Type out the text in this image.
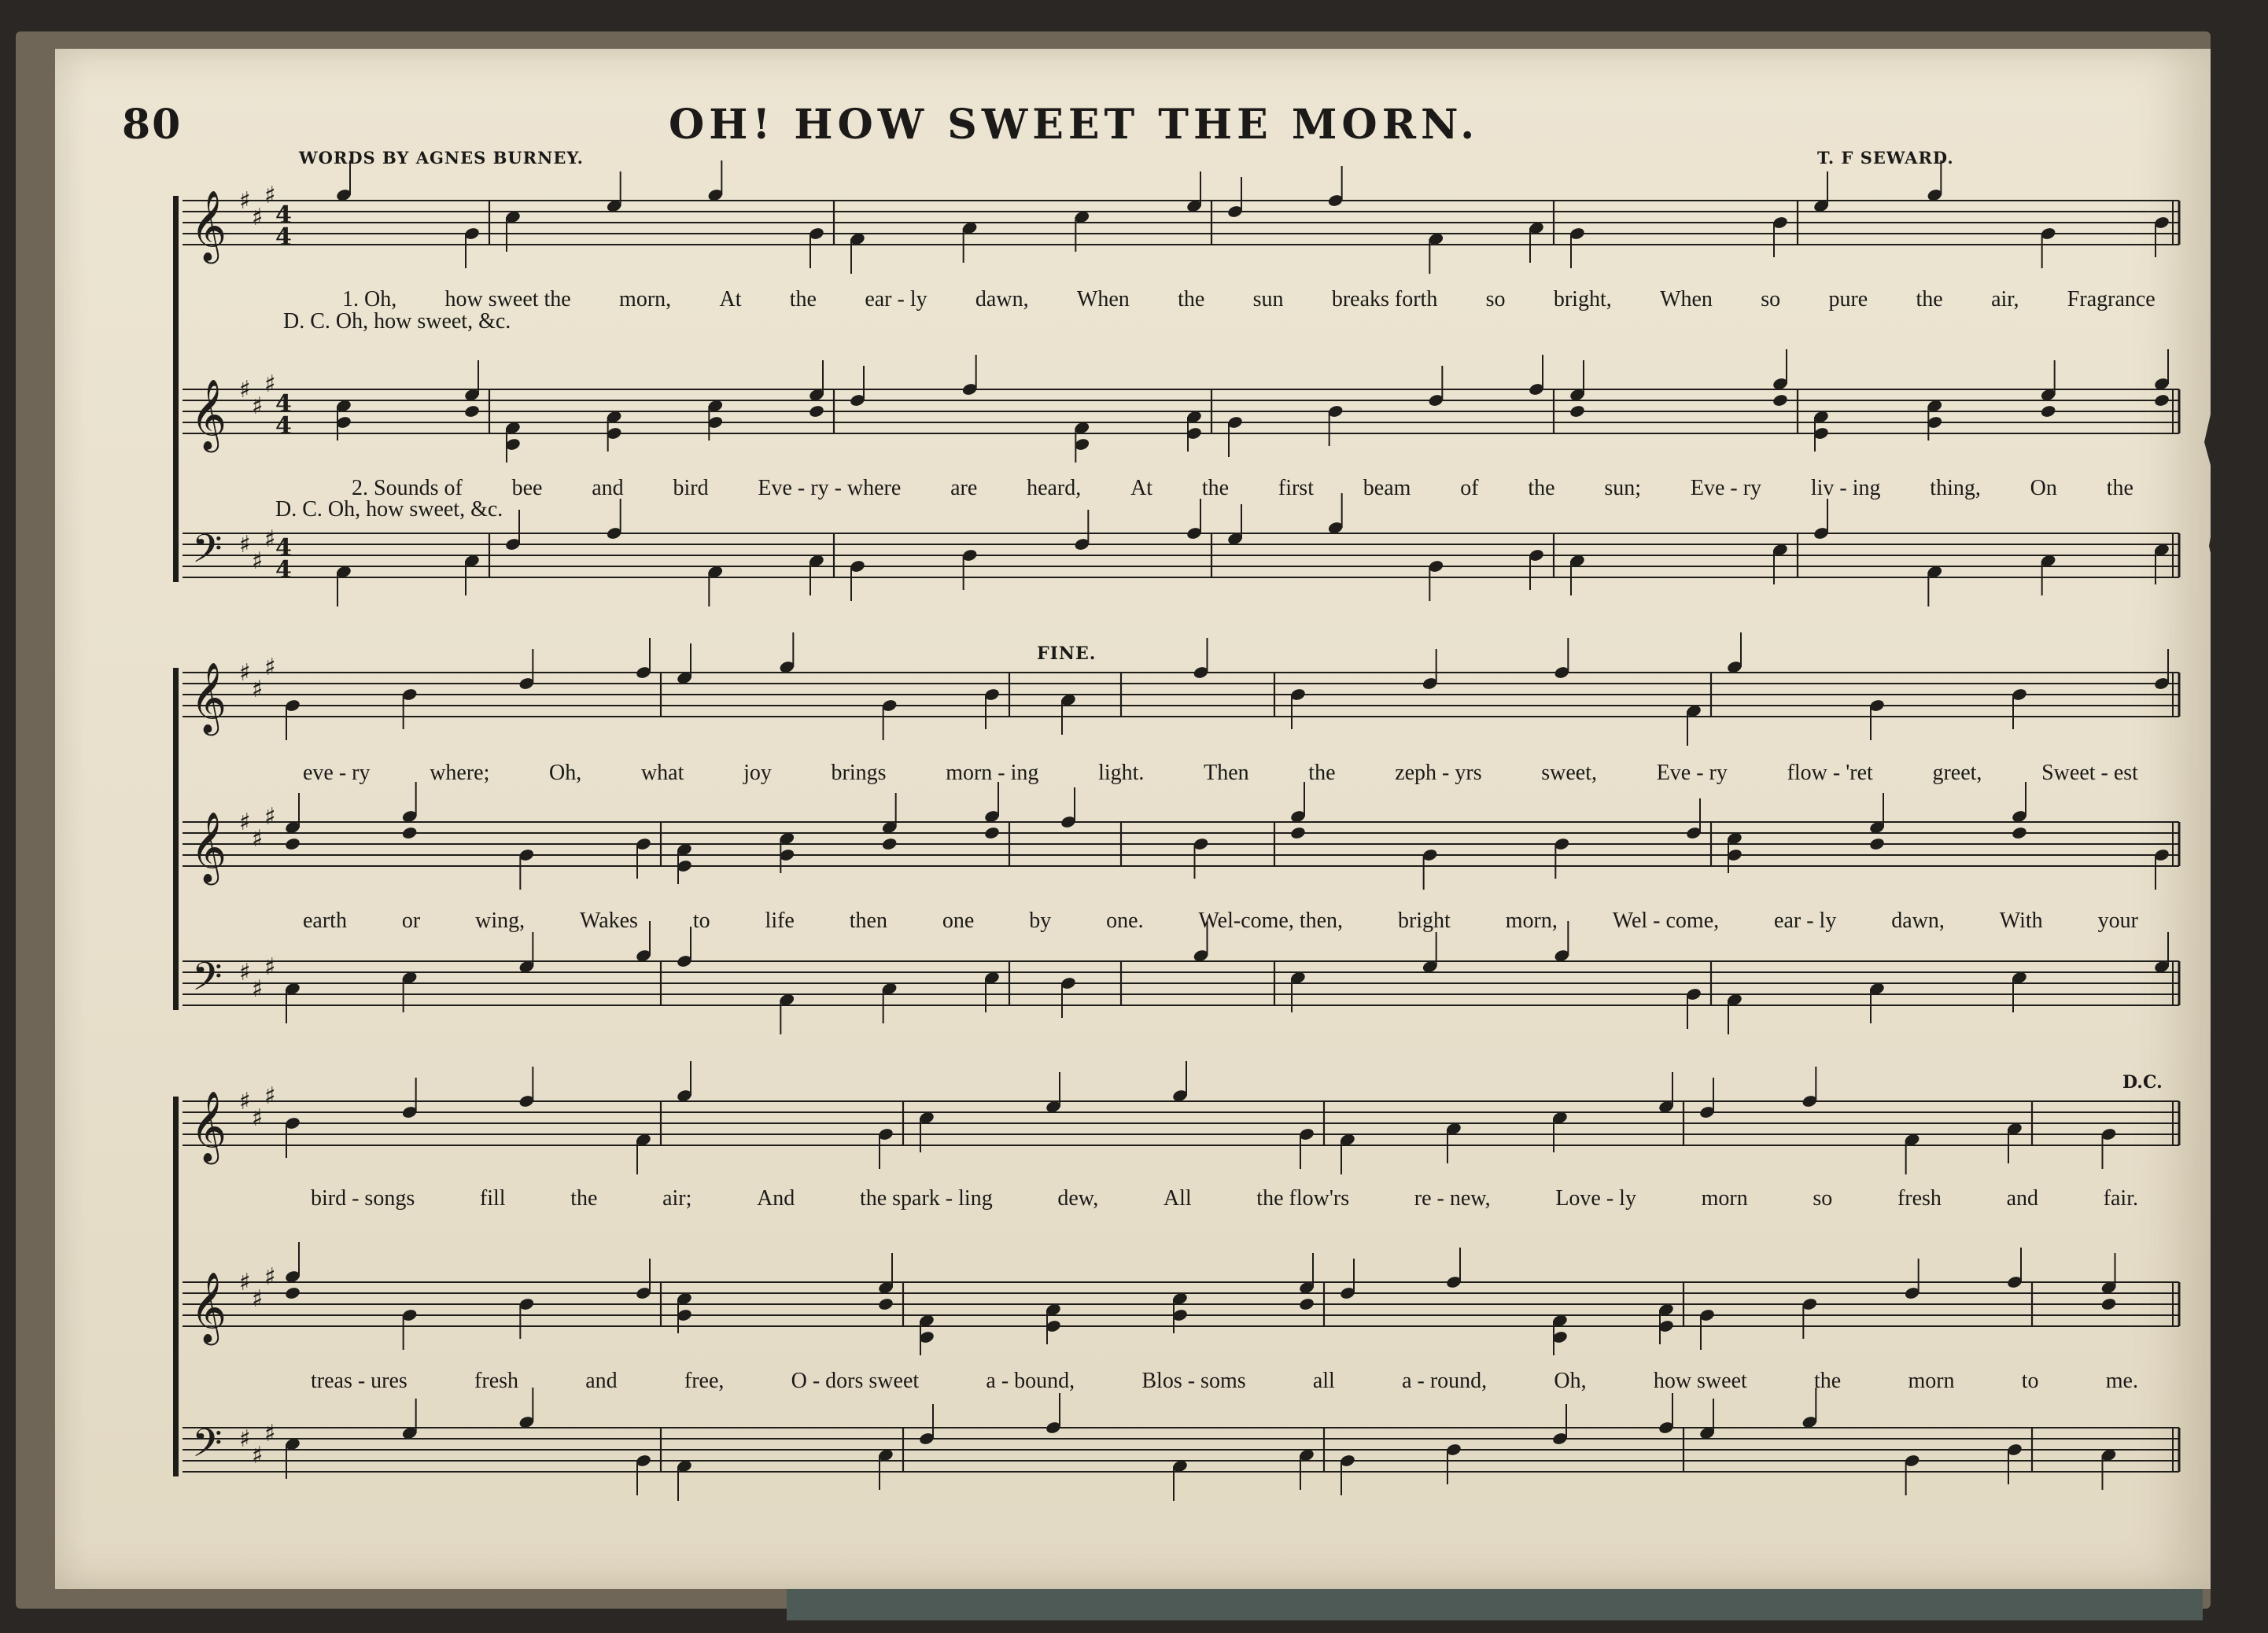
𝄞 ♯
♯
♯
4
4
𝄞 ♯
♯
♯
4
4
𝄢 ♯
♯
♯ 4
4
𝄞 ♯
♯
♯
𝄞 ♯
♯
♯
𝄢 ♯
♯
♯
𝄞 ♯
♯
♯
𝄞 ♯
♯
♯
𝄢 ♯
♯
♯
80	OH! HOW SWEET THE MORN.
WORDS BY AGNES BURNEY.	T. F SEWARD.
FINE.
D.C.
1. Oh, how sweet the morn, At the ear - ly dawn, When the sun breaks forth so bright, When so pure the air, Fragrance
2. Sounds of bee and bird Eve - ry - where are heard, At the first beam of the sun; Eve - ry liv - ing thing, On the
eve - ry	where;	Oh,	what	joy	brings	morn - ing	light.	Then	the	zeph - yrs	sweet,	Eve - ry	flow - 'ret	greet,	Sweet - est
earth or wing, Wakes to life then one by one. Wel-come, then, bright morn, Wel - come, ear - ly dawn, With your
bird - songs	fill	the	air;	And	the spark - ling	dew,	All	the flow'rs	re - new,	Love - ly	morn	so	fresh	and	fair.
treas - ures	fresh	and	free,	O - dors sweet	a - bound,	Blos - soms	all	a - round,	Oh,	how sweet	the	morn	to	me.
D. C. Oh, how sweet, &c.
D. C. Oh, how sweet, &c.
